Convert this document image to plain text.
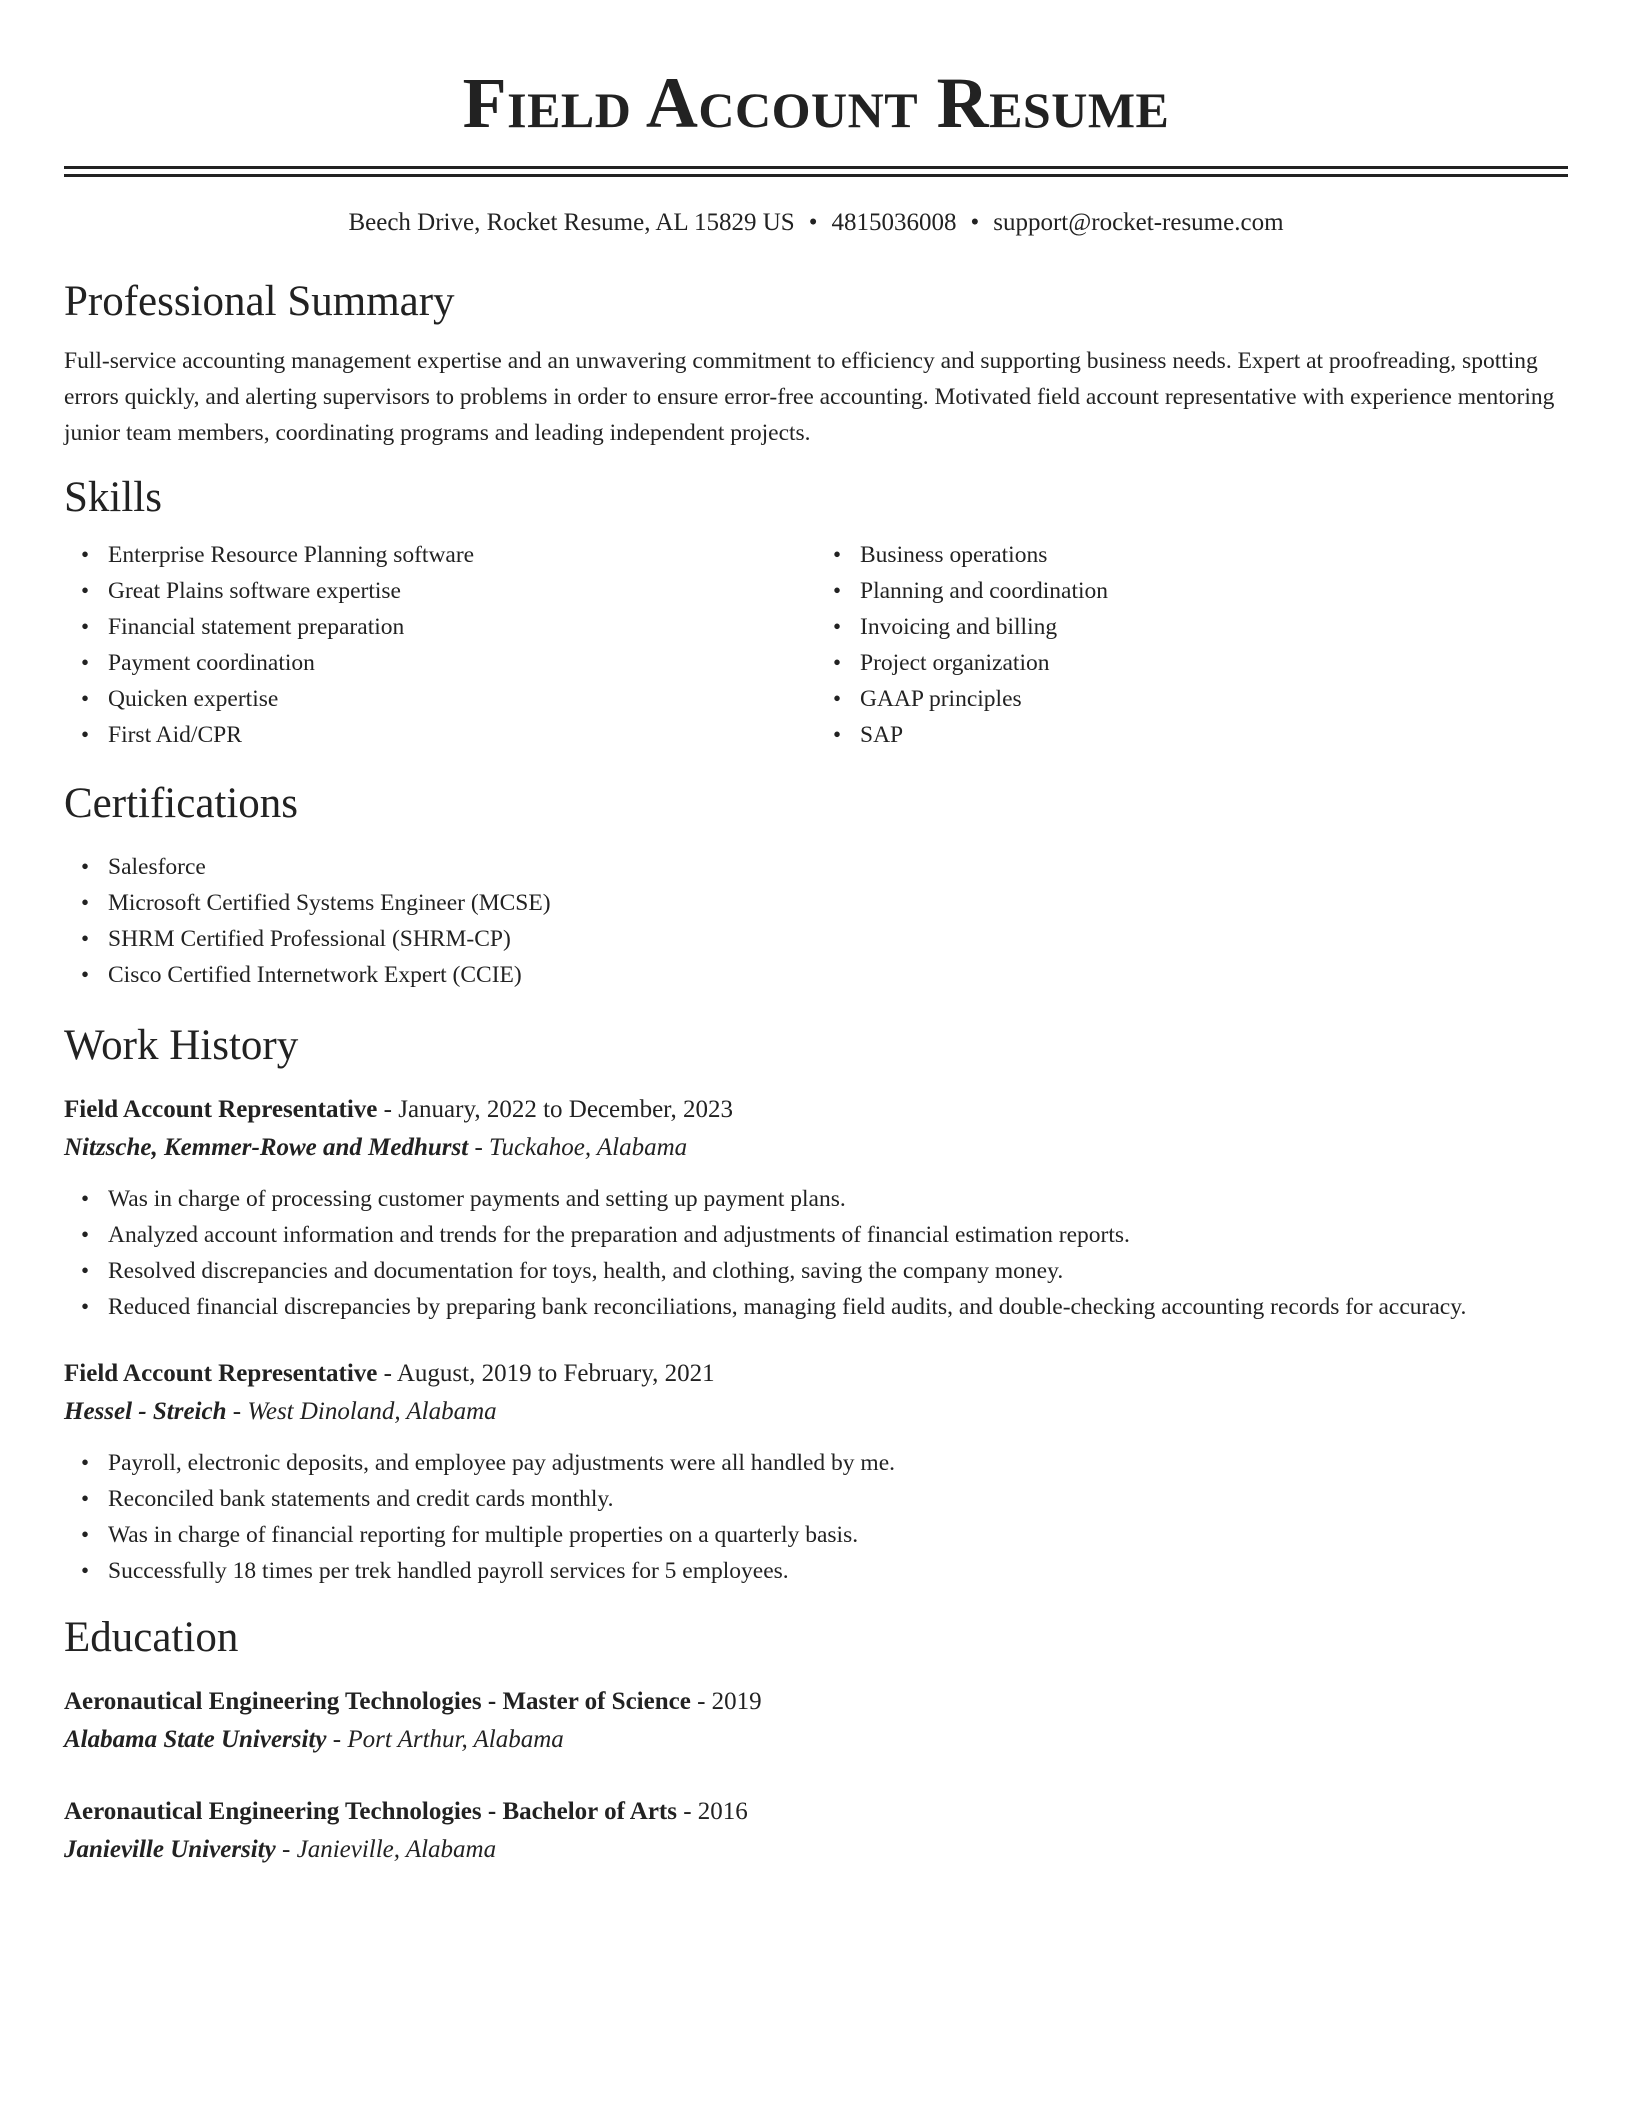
Field Account Resume
Beech Drive, Rocket Resume, AL 15829 US • 4815036008 • support@rocket-resume.com
Professional Summary
Full-service accounting management expertise and an unwavering commitment to efficiency and supporting business needs. Expert at proofreading, spotting errors quickly, and alerting supervisors to problems in order to ensure error-free accounting. Motivated field account representative with experience mentoring junior team members, coordinating programs and leading independent projects.
Skills
• Enterprise Resource Planning software
• Great Plains software expertise
• Financial statement preparation
• Payment coordination
• Quicken expertise
• First Aid/CPR
• Business operations
• Planning and coordination
• Invoicing and billing
• Project organization
• GAAP principles
• SAP
Certifications
• Salesforce
• Microsoft Certified Systems Engineer (MCSE)
• SHRM Certified Professional (SHRM-CP)
• Cisco Certified Internetwork Expert (CCIE)
Work History
Field Account Representative - January, 2022 to December, 2023
Nitzsche, Kemmer-Rowe and Medhurst - Tuckahoe, Alabama
• Was in charge of processing customer payments and setting up payment plans.
• Analyzed account information and trends for the preparation and adjustments of financial estimation reports.
• Resolved discrepancies and documentation for toys, health, and clothing, saving the company money.
• Reduced financial discrepancies by preparing bank reconciliations, managing field audits, and double-checking accounting records for accuracy.
Field Account Representative - August, 2019 to February, 2021
Hessel - Streich - West Dinoland, Alabama
• Payroll, electronic deposits, and employee pay adjustments were all handled by me.
• Reconciled bank statements and credit cards monthly.
• Was in charge of financial reporting for multiple properties on a quarterly basis.
• Successfully 18 times per trek handled payroll services for 5 employees.
Education
Aeronautical Engineering Technologies - Master of Science - 2019
Alabama State University - Port Arthur, Alabama
Aeronautical Engineering Technologies - Bachelor of Arts - 2016
Janieville University - Janieville, Alabama
